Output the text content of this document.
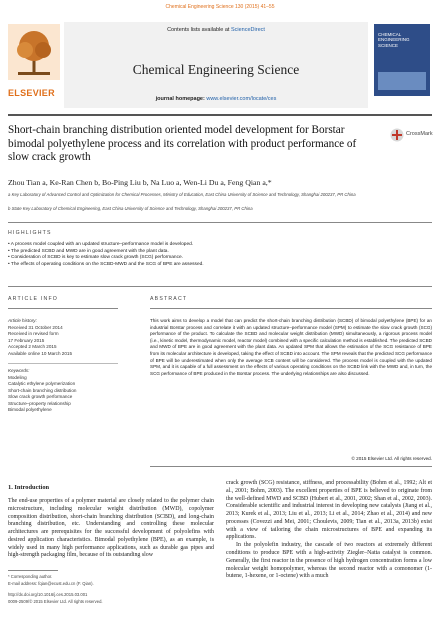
Chemical Engineering Science 130 (2015) 41–55
ELSEVIER
Contents lists available at ScienceDirect
Chemical Engineering Science
journal homepage: www.elsevier.com/locate/ces
CHEMICAL ENGINEERING SCIENCE
Short-chain branching distribution oriented model development for Borstar bimodal polyethylene process and its correlation with product performance of slow crack growth
CrossMark
Zhou Tian a, Ke-Ran Chen b, Bo-Ping Liu b, Na Luo a, Wen-Li Du a, Feng Qian a,*
a Key Laboratory of Advanced Control and Optimization for Chemical Processes, Ministry of Education, East China University of Science and Technology, Shanghai 200237, PR China
b State Key Laboratory of Chemical Engineering, East China University of Science and Technology, Shanghai 200237, PR China
HIGHLIGHTS
• A process model coupled with an updated structure–performance model is developed.
• The predicted SCBD and MWD are in good agreement with the plant data.
• Consideration of SCBD is key to estimate slow crack growth (SCG) performance.
• The effects of operating conditions on the SCBD-MWD and the SCG of BPE are assessed.
ARTICLE INFO	ABSTRACT
Article history:
Received 31 October 2014
Received in revised form
17 February 2015
Accepted 2 March 2015
Available online 10 March 2015
Keywords:
Modeling
Catalytic ethylene polymerization
Short-chain branching distribution
Slow crack growth performance
Structure–property relationship
Bimodal polyethylene
This work aims to develop a model that can predict the short-chain branching distribution (SCBD) of bimodal polyethylene (BPE) for an industrial Borstar process and correlate it with an updated structure–performance model (SPM) to estimate the slow crack growth (SCG) performance of the product. To calculate the SCBD and molecular weight distribution (MWD) simultaneously, a rigorous process model (i.e., kinetic model, thermodynamic model, reactor model) combined with a specific calculation method is established. The predicted SCBD and MWD of BPE are in good agreement with the plant data. An updated SPM that allows the estimation of the SCG resistance of BPE from its molecular architecture is developed, taking the effect of SCBD into account. The SPM reveals that the predicted SCG performance of BPE will be underestimated when only the average SCB content will be considered. The process model is coupled with the updated SPM, and it is capable of a full assessment on the effects of various operating conditions on the SCBD link with the MWD and, in turn, the SCG performance of BPE produced in the Borstar process. The underlying relationships are also discussed.
© 2015 Elsevier Ltd. All rights reserved.
1. Introduction
The end-use properties of a polymer material are closely related to the polymer chain microstructure, including molecular weight distribution (MWD), copolymer composition distribution, short-chain branching distribution (SCBD), and long-chain branching distribution, etc. Understanding and controlling these molecular architectures are prerequisites for the successful development of polyolefins with desired application characteristics. Bimodal polyethylene (BPE), as an example, is widely used in many high performance applications, such as durable gas pipes and high-strength packaging film, because of its outstanding slow
crack growth (SCG) resistance, stiffness, and processability (Bohm et al., 1992; Alt et al., 2001; Bohm, 2003). The excellent properties of BPE is believed to originate from the well-defined MWD and SCBD (Hubert et al., 2001, 2002; Shan et al., 2002, 2003). Considerable scientific and industrial interest in developing new catalysts (Jiang et al., 2013; Kurek et al., 2013; Liu et al., 2013; Li et al., 2014; Zhao et al., 2014) and new processes (Covezzi and Mei, 2001; Choulevis, 2009; Tian et al., 2013a, 2013b) exist with a view of tailoring the chain microstructures of BPE and expanding its applications.
In the polyolefin industry, the cascade of two reactors at extremely different conditions to produce BPE with a high-activity Ziegler–Natta catalyst is common. Generally, the first reactor in the presence of high hydrogen concentration forms a low molecular weight homopolymer, whereas the second reactor with a comonomer (1-butene, 1-hexene, or 1-octene) with a much
* Corresponding author.
E-mail address: fqian@ecust.edu.cn (F. Qian).
http://dx.doi.org/10.1016/j.ces.2015.03.001
0009-2509/© 2015 Elsevier Ltd. All rights reserved.
